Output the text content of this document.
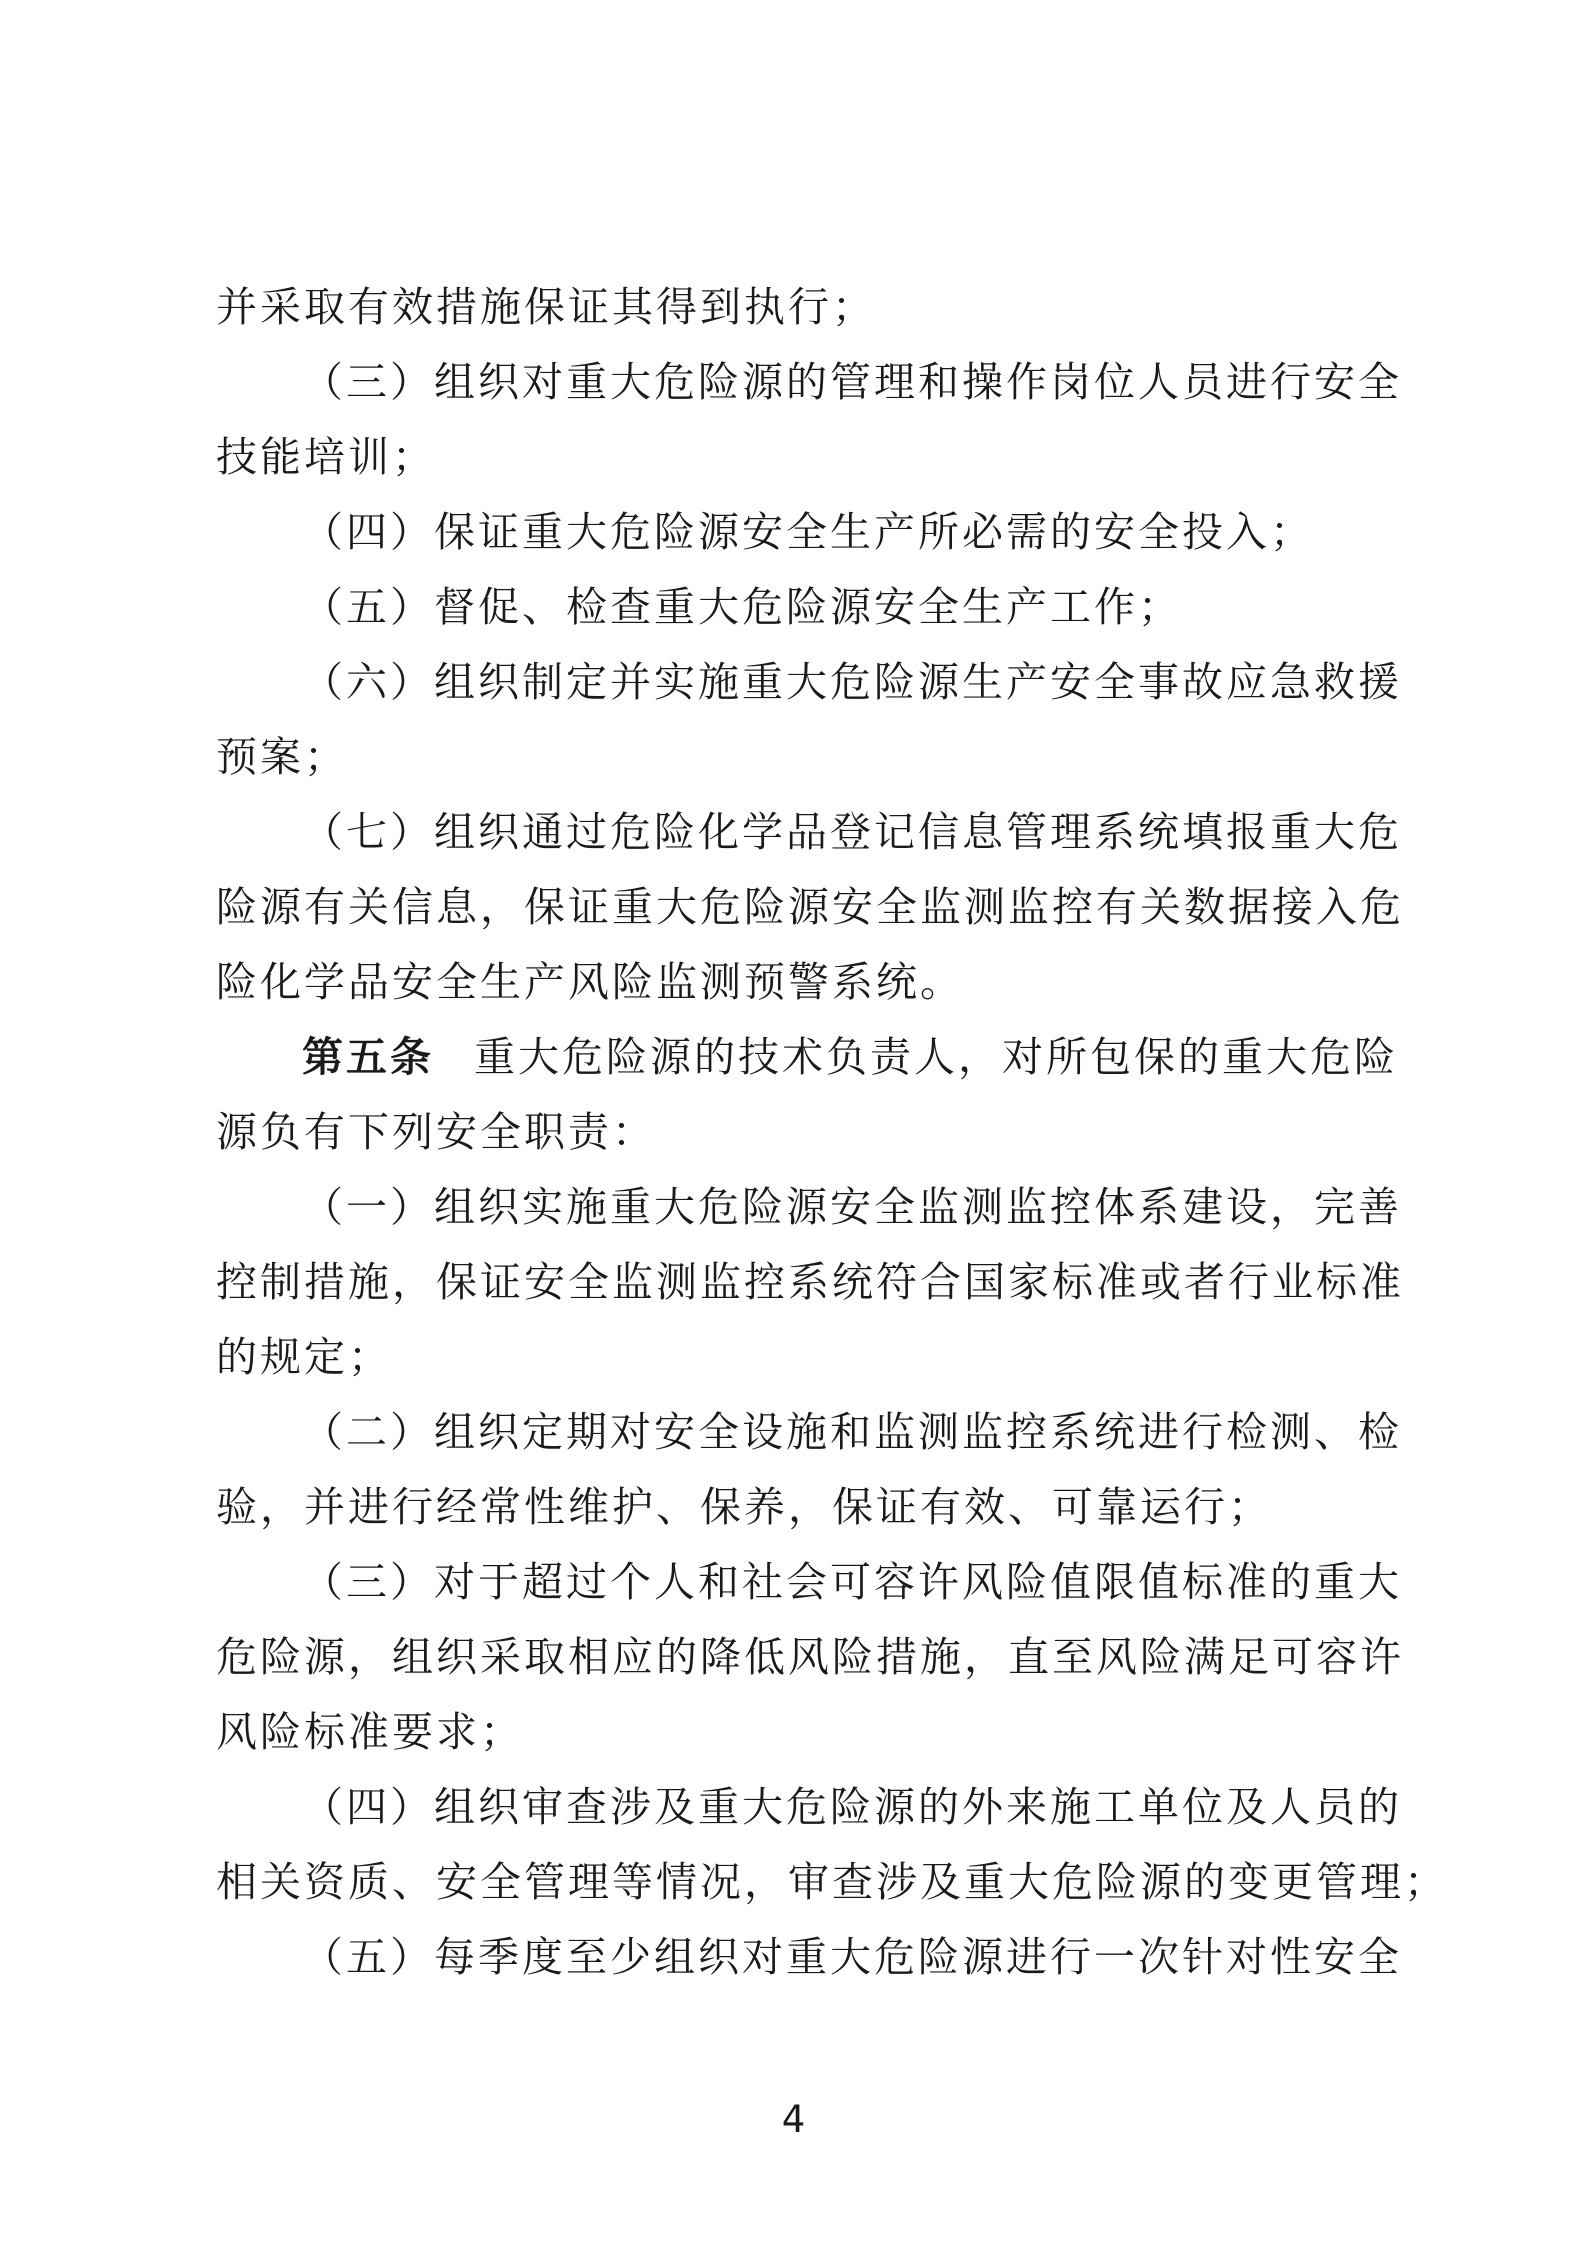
并采取有效措施保证其得到执行；
（三）组织对重大危险源的管理和操作岗位人员进行安全
技能培训；
（四）保证重大危险源安全生产所必需的安全投入；
（五）督促、检查重大危险源安全生产工作；
（六）组织制定并实施重大危险源生产安全事故应急救援
预案；
（七）组织通过危险化学品登记信息管理系统填报重大危
险源有关信息，保证重大危险源安全监测监控有关数据接入危
险化学品安全生产风险监测预警系统。
第五条 重大危险源的技术负责人，对所包保的重大危险
源负有下列安全职责：
（一）组织实施重大危险源安全监测监控体系建设，完善
控制措施，保证安全监测监控系统符合国家标准或者行业标准
的规定；
（二）组织定期对安全设施和监测监控系统进行检测、检
验，并进行经常性维护、保养，保证有效、可靠运行；
（三）对于超过个人和社会可容许风险值限值标准的重大
危险源，组织采取相应的降低风险措施，直至风险满足可容许
风险标准要求；
（四）组织审查涉及重大危险源的外来施工单位及人员的
相关资质、安全管理等情况，审查涉及重大危险源的变更管理；
（五）每季度至少组织对重大危险源进行一次针对性安全
4
